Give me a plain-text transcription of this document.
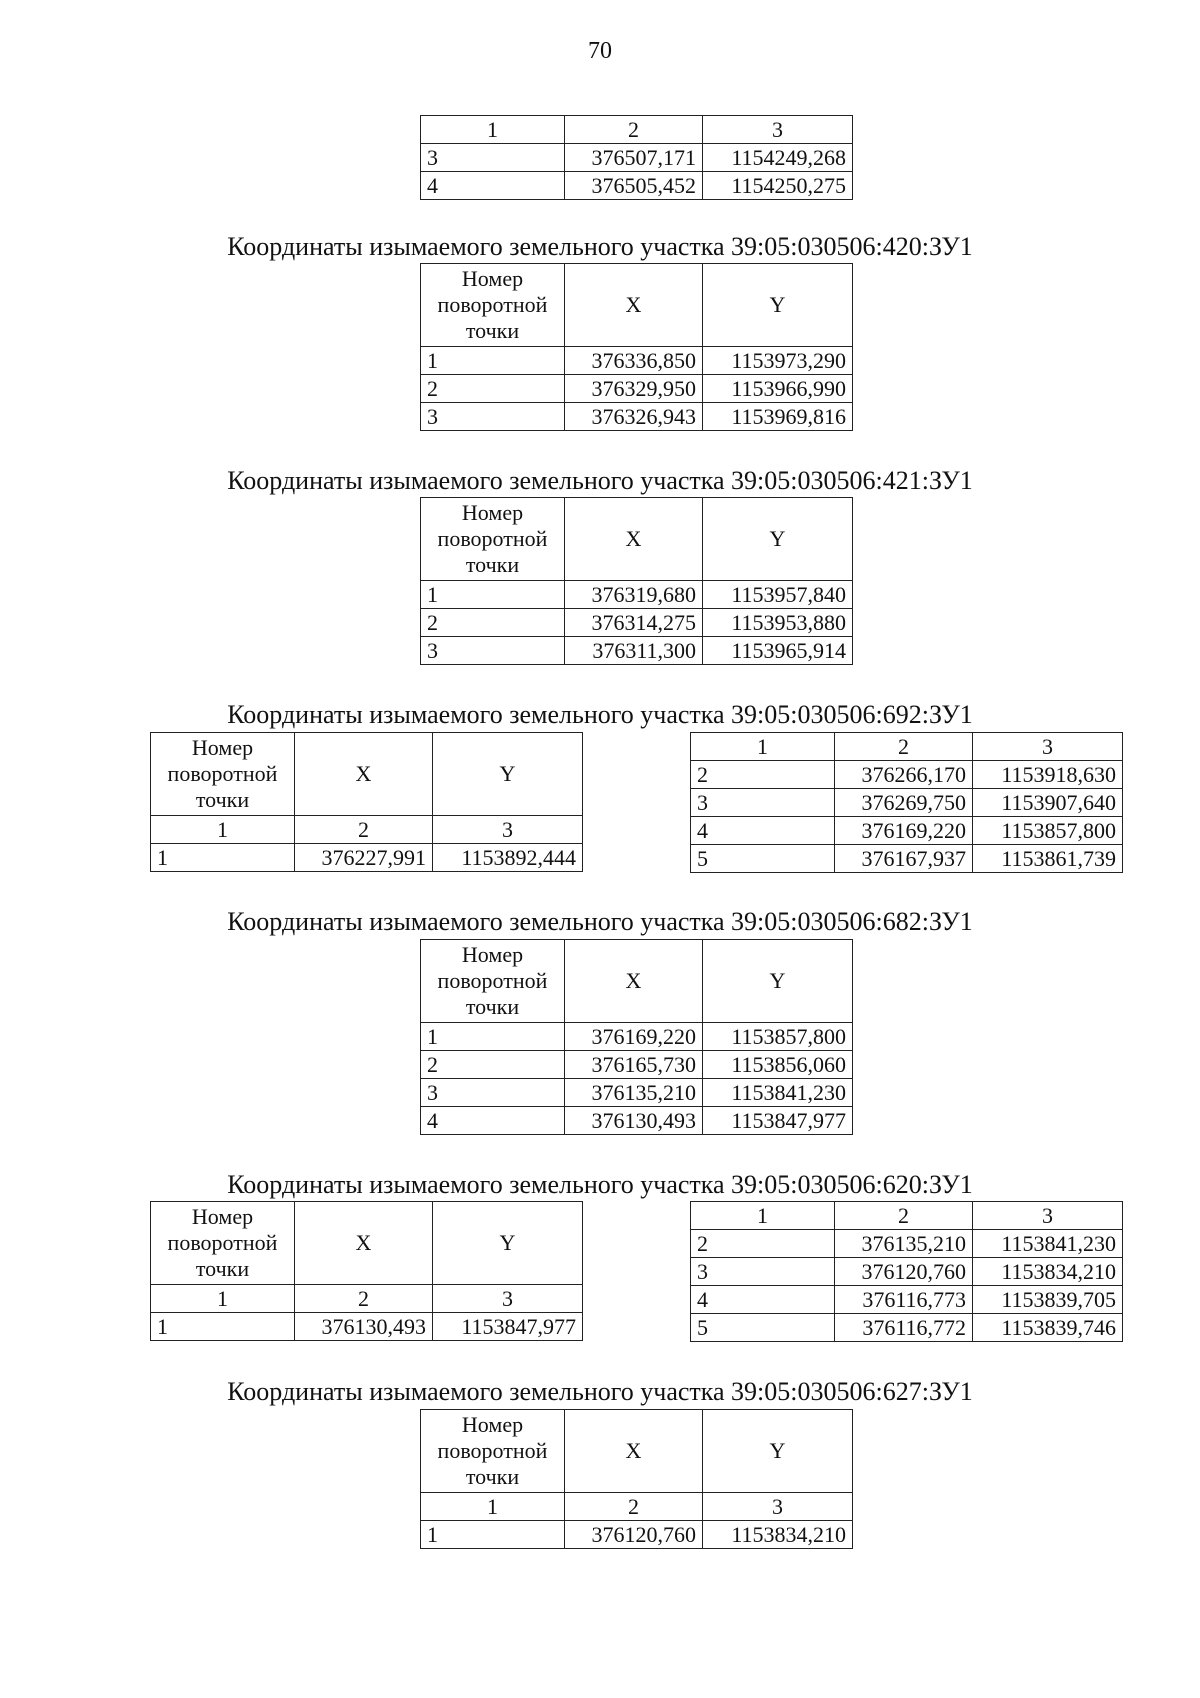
70
1	2	3
3	376507,171	1154249,268
4	376505,452	1154250,275
Координаты изымаемого земельного участка 39:05:030506:420:ЗУ1
Номер
поворотной
точки	X	Y
1	376336,850	1153973,290
2	376329,950	1153966,990
3	376326,943	1153969,816
Координаты изымаемого земельного участка 39:05:030506:421:ЗУ1
Номер
поворотной
точки	X	Y
1	376319,680	1153957,840
2	376314,275	1153953,880
3	376311,300	1153965,914
Координаты изымаемого земельного участка 39:05:030506:692:ЗУ1
Номер
поворотной
точки	X	Y
1	2	3
1	376227,991	1153892,444
1	2	3
2	376266,170	1153918,630
3	376269,750	1153907,640
4	376169,220	1153857,800
5	376167,937	1153861,739
Координаты изымаемого земельного участка 39:05:030506:682:ЗУ1
Номер
поворотной
точки	X	Y
1	376169,220	1153857,800
2	376165,730	1153856,060
3	376135,210	1153841,230
4	376130,493	1153847,977
Координаты изымаемого земельного участка 39:05:030506:620:ЗУ1
Номер
поворотной
точки	X	Y
1	2	3
1	376130,493	1153847,977
1	2	3
2	376135,210	1153841,230
3	376120,760	1153834,210
4	376116,773	1153839,705
5	376116,772	1153839,746
Координаты изымаемого земельного участка 39:05:030506:627:ЗУ1
Номер
поворотной
точки	X	Y
1	2	3
1	376120,760	1153834,210
